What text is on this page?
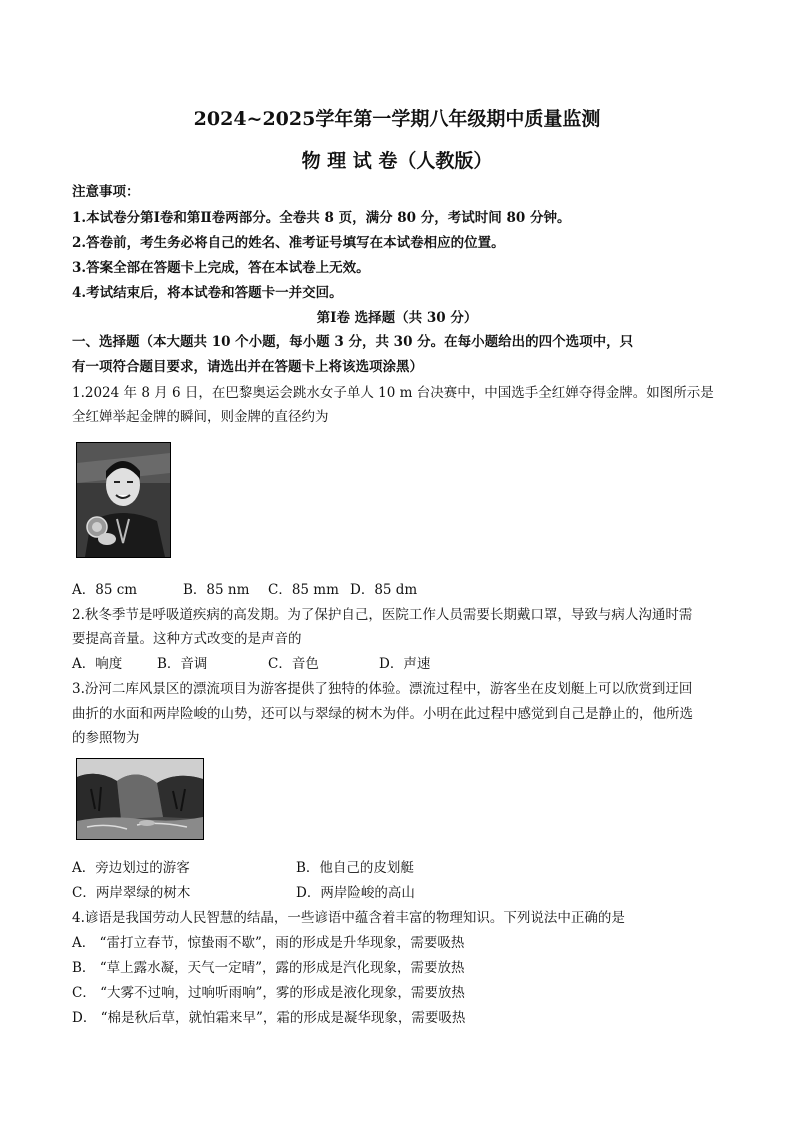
2024~2025学年第一学期八年级期中质量监测
物 理 试 卷（人教版）
注意事项：
1.本试卷分第Ⅰ卷和第Ⅱ卷两部分。全卷共 8 页，满分 80 分，考试时间 80 分钟。
2.答卷前，考生务必将自己的姓名、准考证号填写在本试卷相应的位置。
3.答案全部在答题卡上完成，答在本试卷上无效。
4.考试结束后，将本试卷和答题卡一并交回。
第Ⅰ卷 选择题（共 30 分）
一、选择题（本大题共 10 个小题，每小题 3 分，共 30 分。在每小题给出的四个选项中，只
有一项符合题目要求，请选出并在答题卡上将该选项涂黑）
1.2024 年 8 月 6 日，在巴黎奥运会跳水女子单人 10 m 台决赛中，中国选手全红婵夺得金牌。如图所示是
全红婵举起金牌的瞬间，则金牌的直径约为
A．85 cm	B．85 nm C．85 mm D．85 dm
2.秋冬季节是呼吸道疾病的高发期。为了保护自己，医院工作人员需要长期戴口罩，导致与病人沟通时需
要提高音量。这种方式改变的是声音的
A．响度	B．音调	C．音色	D．声速
3.汾河二库风景区的漂流项目为游客提供了独特的体验。漂流过程中，游客坐在皮划艇上可以欣赏到迂回
曲折的水面和两岸险峻的山势，还可以与翠绿的树木为伴。小明在此过程中感觉到自己是静止的，他所选
的参照物为
A．旁边划过的游客	B．他自己的皮划艇
C．两岸翠绿的树木	D．两岸险峻的高山
4.谚语是我国劳动人民智慧的结晶，一些谚语中蕴含着丰富的物理知识。下列说法中正确的是
A． “雷打立春节，惊蛰雨不歇”，雨的形成是升华现象，需要吸热
B． “草上露水凝，天气一定晴”，露的形成是汽化现象，需要放热
C． “大雾不过响，过响听雨响”，雾的形成是液化现象，需要放热
D． “棉是秋后草，就怕霜来早”，霜的形成是凝华现象，需要吸热
